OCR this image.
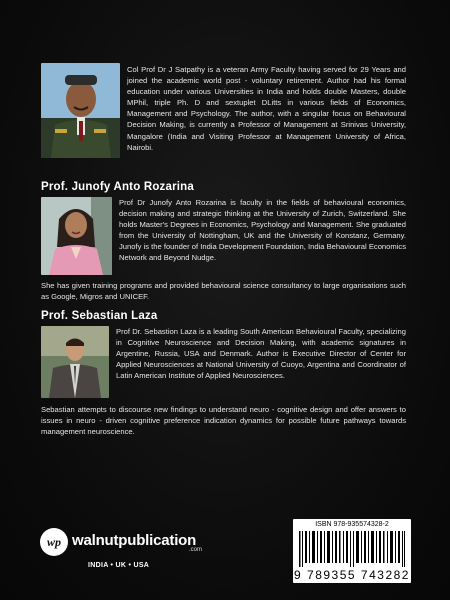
Col Prof Dr J Satpathy is a veteran Army Faculty having served for 29 Years and joined the academic world post - voluntary retirement. Author had his formal education under various Universities in India and holds double Masters, double MPhil, triple Ph. D and sextuplet DLitts in various fields of Economics, Management and Psychology. The author, with a singular focus on Behavioural Decision Making, is currently a Professor of Management at Srinivas University, Mangalore (India and Visiting Professor at Management University of Africa, Nairobi.

Prof. Junofy Anto Rozarina

Prof Dr Junofy Anto Rozarina is faculty in the fields of behavioural economics, decision making and strategic thinking at the University of Zurich, Switzerland. She holds Master's Degrees in Economics, Psychology and Management. She graduated from the University of Nottingham, UK and the University of Konstanz, Germany. Junofy is the founder of India Development Foundation, India Behavioural Economics Network and Beyond Nudge.

She has given training programs and provided behavioural science consultancy to large organisations such as Google, Migros and UNICEF.

Prof. Sebastian Laza

Prof Dr. Sebastion Laza is a leading South American Behavioural Faculty, specializing in Cognitive Neuroscience and Decision Making, with academic signatures in Argentine, Russia, USA and Denmark. Author is Executive Director of Center for Applied Neurosciences at National University of Cuoyo, Argentina and Coordinator of Latin American Institute of Applied Neurosciences.

Sebastian attempts to discourse new findings to understand neuro - cognitive design and offer answers to issues in neuro - driven cognitive preference indication dynamics for possible future pathways towards management neuroscience.

wp walnutpublication
.com
INDIA • UK • USA
ISBN 978-935574328-2
9 789355 743282
